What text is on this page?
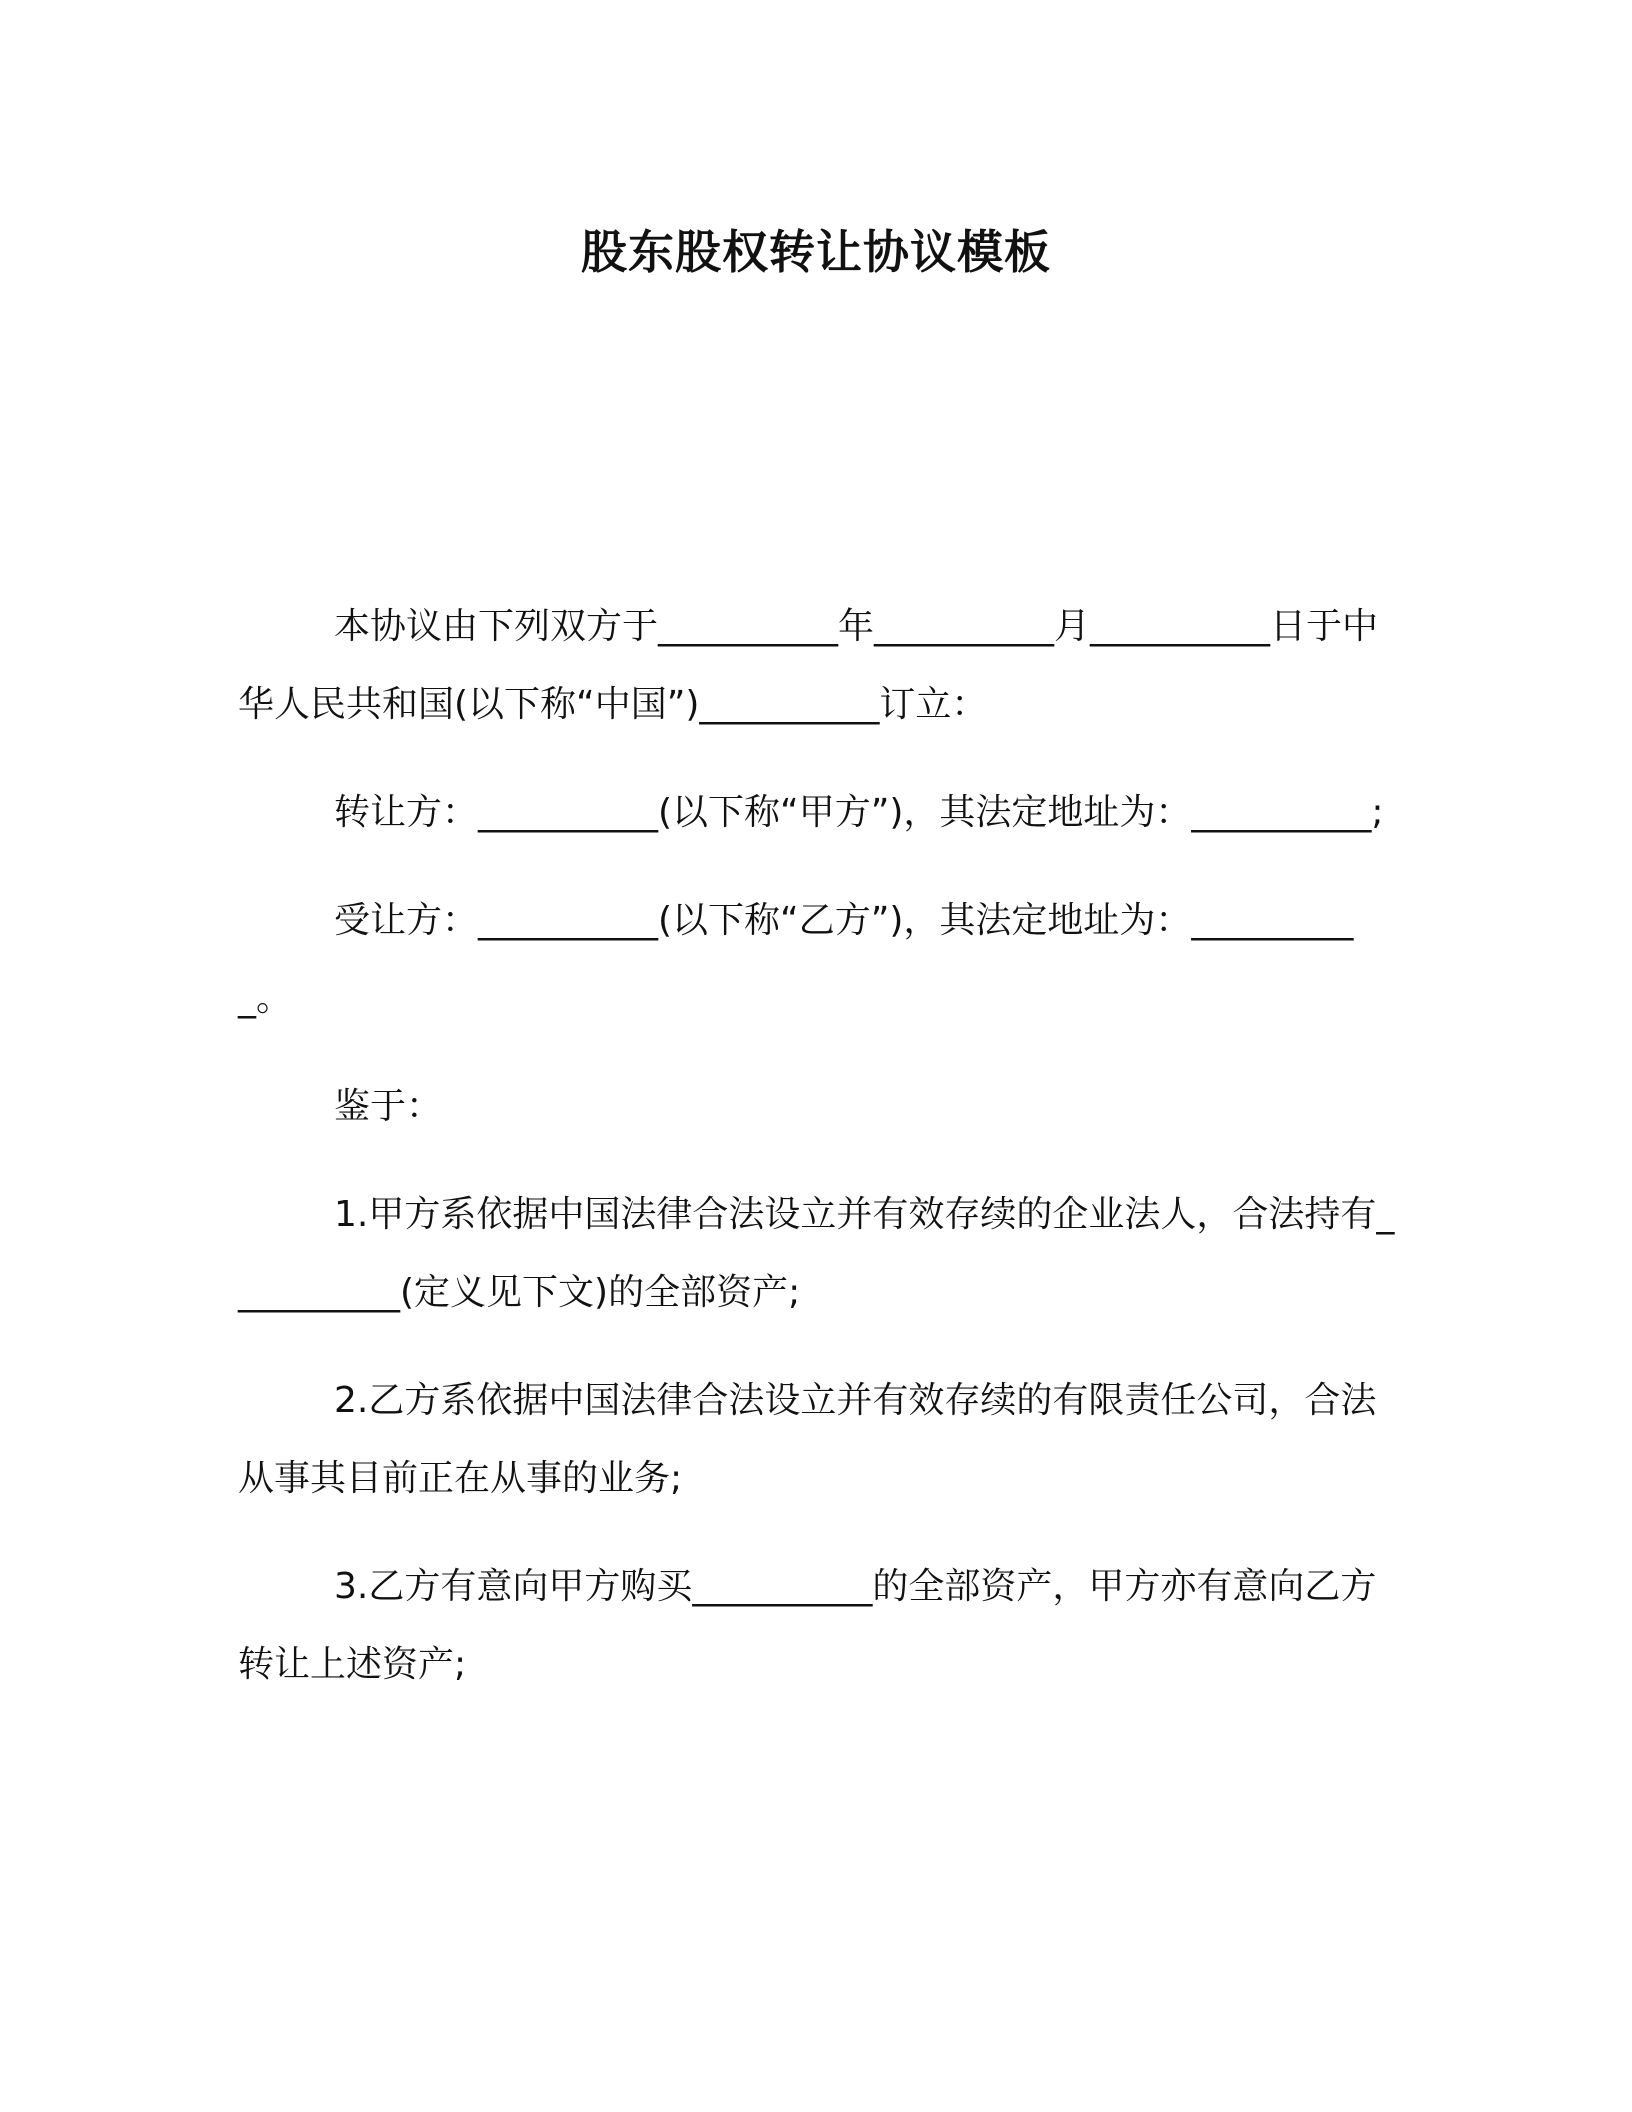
股东股权转让协议模板

本协议由下列双方于__________年__________月__________日于中华人民共和国(以下称“中国”)__________订立：

转让方：__________(以下称“甲方”)，其法定地址为：__________;

受让方：__________(以下称“乙方”)，其法定地址为：__________。

鉴于：

1.甲方系依据中国法律合法设立并有效存续的企业法人，合法持有__________(定义见下文)的全部资产;

2.乙方系依据中国法律合法设立并有效存续的有限责任公司，合法从事其目前正在从事的业务;

3.乙方有意向甲方购买__________的全部资产，甲方亦有意向乙方转让上述资产;
